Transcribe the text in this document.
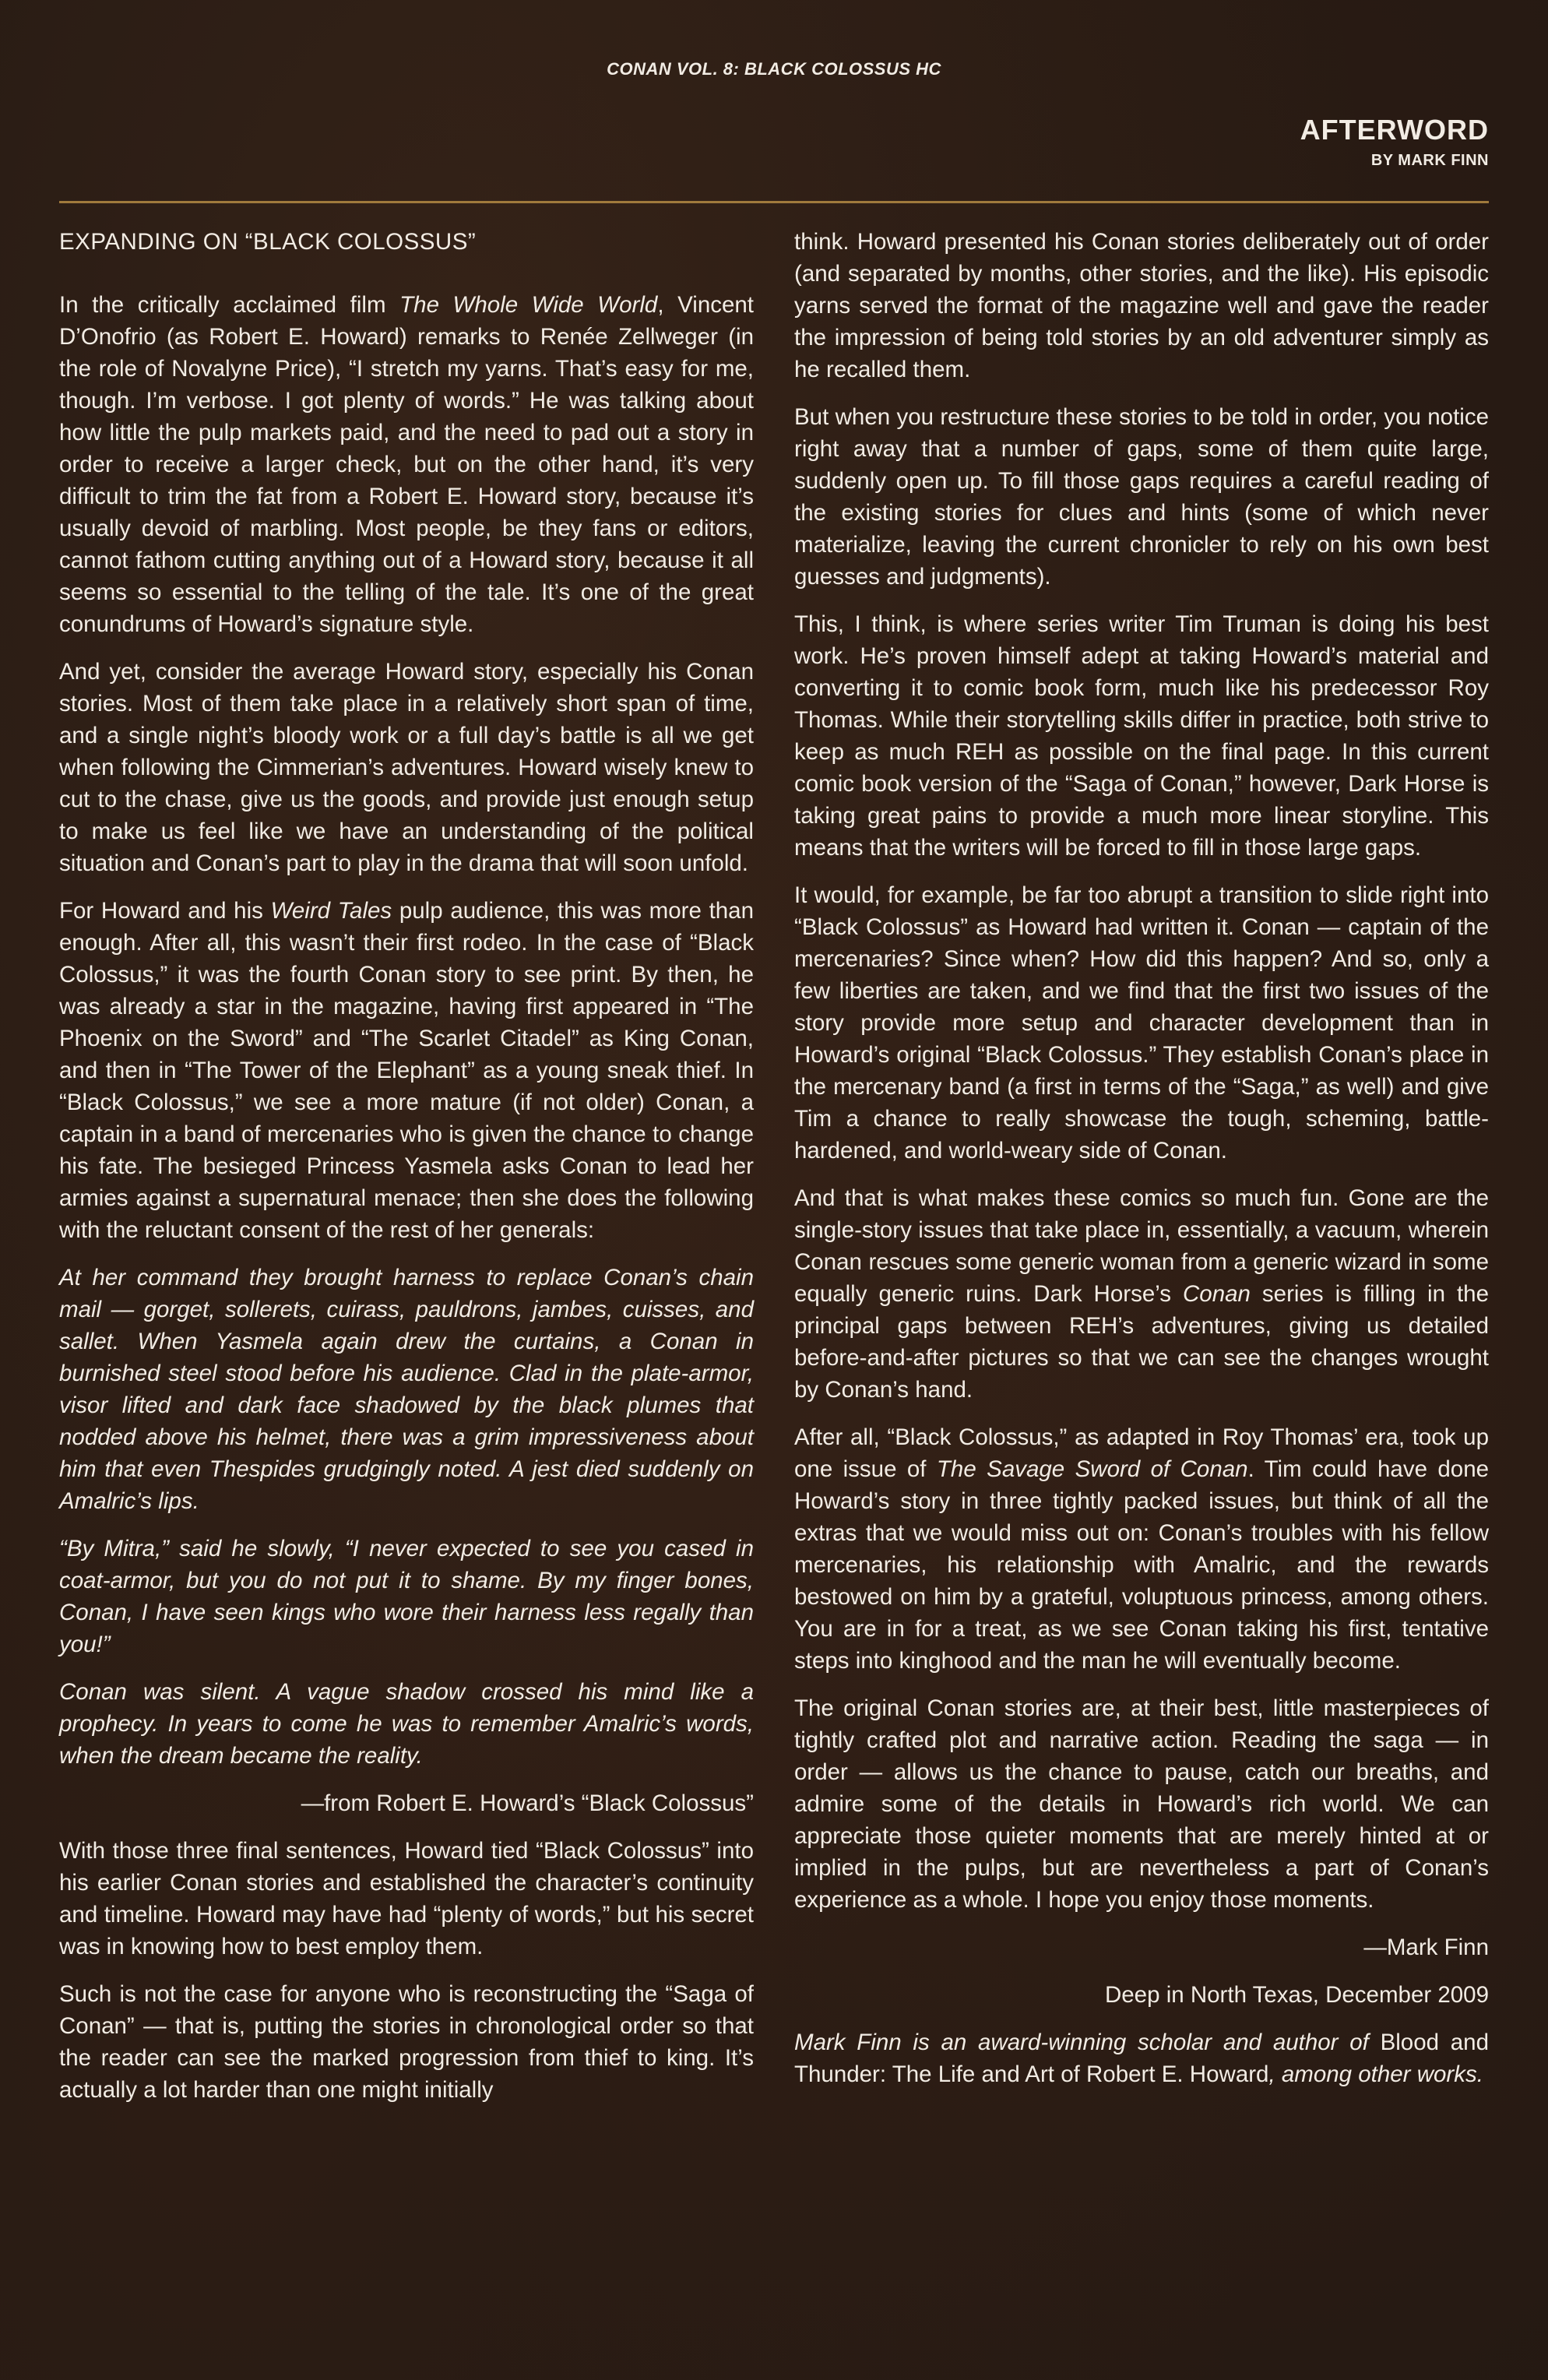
CONAN VOL. 8: BLACK COLOSSUS HC
AFTERWORD
BY MARK FINN
EXPANDING ON “BLACK COLOSSUS”

In the critically acclaimed film The Whole Wide World, Vincent D’Onofrio (as Robert E. Howard) remarks to Renée Zellweger (in the role of Novalyne Price), “I stretch my yarns. That’s easy for me, though. I’m verbose. I got plenty of words.” He was talking about how little the pulp markets paid, and the need to pad out a story in order to receive a larger check, but on the other hand, it’s very difficult to trim the fat from a Robert E. Howard story, because it’s usually devoid of marbling. Most people, be they fans or editors, cannot fathom cutting anything out of a Howard story, because it all seems so essential to the telling of the tale. It’s one of the great conundrums of Howard’s signature style.

And yet, consider the average Howard story, especially his Conan stories. Most of them take place in a relatively short span of time, and a single night’s bloody work or a full day’s battle is all we get when following the Cimmerian’s adventures. Howard wisely knew to cut to the chase, give us the goods, and provide just enough setup to make us feel like we have an understanding of the political situation and Conan’s part to play in the drama that will soon unfold.

For Howard and his Weird Tales pulp audience, this was more than enough. After all, this wasn’t their first rodeo. In the case of “Black Colossus,” it was the fourth Conan story to see print. By then, he was already a star in the magazine, having first appeared in “The Phoenix on the Sword” and “The Scarlet Citadel” as King Conan, and then in “The Tower of the Elephant” as a young sneak thief. In “Black Colossus,” we see a more mature (if not older) Conan, a captain in a band of mercenaries who is given the chance to change his fate. The besieged Princess Yasmela asks Conan to lead her armies against a supernatural menace; then she does the following with the reluctant consent of the rest of her generals:

At her command they brought harness to replace Conan’s chain mail — gorget, sollerets, cuirass, pauldrons, jambes, cuisses, and sallet. When Yasmela again drew the curtains, a Conan in burnished steel stood before his audience. Clad in the plate-armor, visor lifted and dark face shadowed by the black plumes that nodded above his helmet, there was a grim impressiveness about him that even Thespides grudgingly noted. A jest died suddenly on Amalric’s lips.

“By Mitra,” said he slowly, “I never expected to see you cased in coat-armor, but you do not put it to shame. By my finger bones, Conan, I have seen kings who wore their harness less regally than you!”

Conan was silent. A vague shadow crossed his mind like a prophecy. In years to come he was to remember Amalric’s words, when the dream became the reality.

—from Robert E. Howard’s “Black Colossus”

With those three final sentences, Howard tied “Black Colossus” into his earlier Conan stories and established the character’s continuity and timeline. Howard may have had “plenty of words,” but his secret was in knowing how to best employ them.

Such is not the case for anyone who is reconstructing the “Saga of Conan” — that is, putting the stories in chronological order so that the reader can see the marked progression from thief to king. It’s actually a lot harder than one might initially

think. Howard presented his Conan stories deliberately out of order (and separated by months, other stories, and the like). His episodic yarns served the format of the magazine well and gave the reader the impression of being told stories by an old adventurer simply as he recalled them.

But when you restructure these stories to be told in order, you notice right away that a number of gaps, some of them quite large, suddenly open up. To fill those gaps requires a careful reading of the existing stories for clues and hints (some of which never materialize, leaving the current chronicler to rely on his own best guesses and judgments).

This, I think, is where series writer Tim Truman is doing his best work. He’s proven himself adept at taking Howard’s material and converting it to comic book form, much like his predecessor Roy Thomas. While their storytelling skills differ in practice, both strive to keep as much REH as possible on the final page. In this current comic book version of the “Saga of Conan,” however, Dark Horse is taking great pains to provide a much more linear storyline. This means that the writers will be forced to fill in those large gaps.

It would, for example, be far too abrupt a transition to slide right into “Black Colossus” as Howard had written it. Conan — captain of the mercenaries? Since when? How did this happen? And so, only a few liberties are taken, and we find that the first two issues of the story provide more setup and character development than in Howard’s original “Black Colossus.” They establish Conan’s place in the mercenary band (a first in terms of the “Saga,” as well) and give Tim a chance to really showcase the tough, scheming, battle-hardened, and world-weary side of Conan.

And that is what makes these comics so much fun. Gone are the single-story issues that take place in, essentially, a vacuum, wherein Conan rescues some generic woman from a generic wizard in some equally generic ruins. Dark Horse’s Conan series is filling in the principal gaps between REH’s adventures, giving us detailed before-and-after pictures so that we can see the changes wrought by Conan’s hand.

After all, “Black Colossus,” as adapted in Roy Thomas’ era, took up one issue of The Savage Sword of Conan. Tim could have done Howard’s story in three tightly packed issues, but think of all the extras that we would miss out on: Conan’s troubles with his fellow mercenaries, his relationship with Amalric, and the rewards bestowed on him by a grateful, voluptuous princess, among others. You are in for a treat, as we see Conan taking his first, tentative steps into kinghood and the man he will eventually become.

The original Conan stories are, at their best, little masterpieces of tightly crafted plot and narrative action. Reading the saga — in order — allows us the chance to pause, catch our breaths, and admire some of the details in Howard’s rich world. We can appreciate those quieter moments that are merely hinted at or implied in the pulps, but are nevertheless a part of Conan’s experience as a whole. I hope you enjoy those moments.

—Mark Finn

Deep in North Texas, December 2009

Mark Finn is an award-winning scholar and author of Blood and Thunder: The Life and Art of Robert E. Howard, among other works.
